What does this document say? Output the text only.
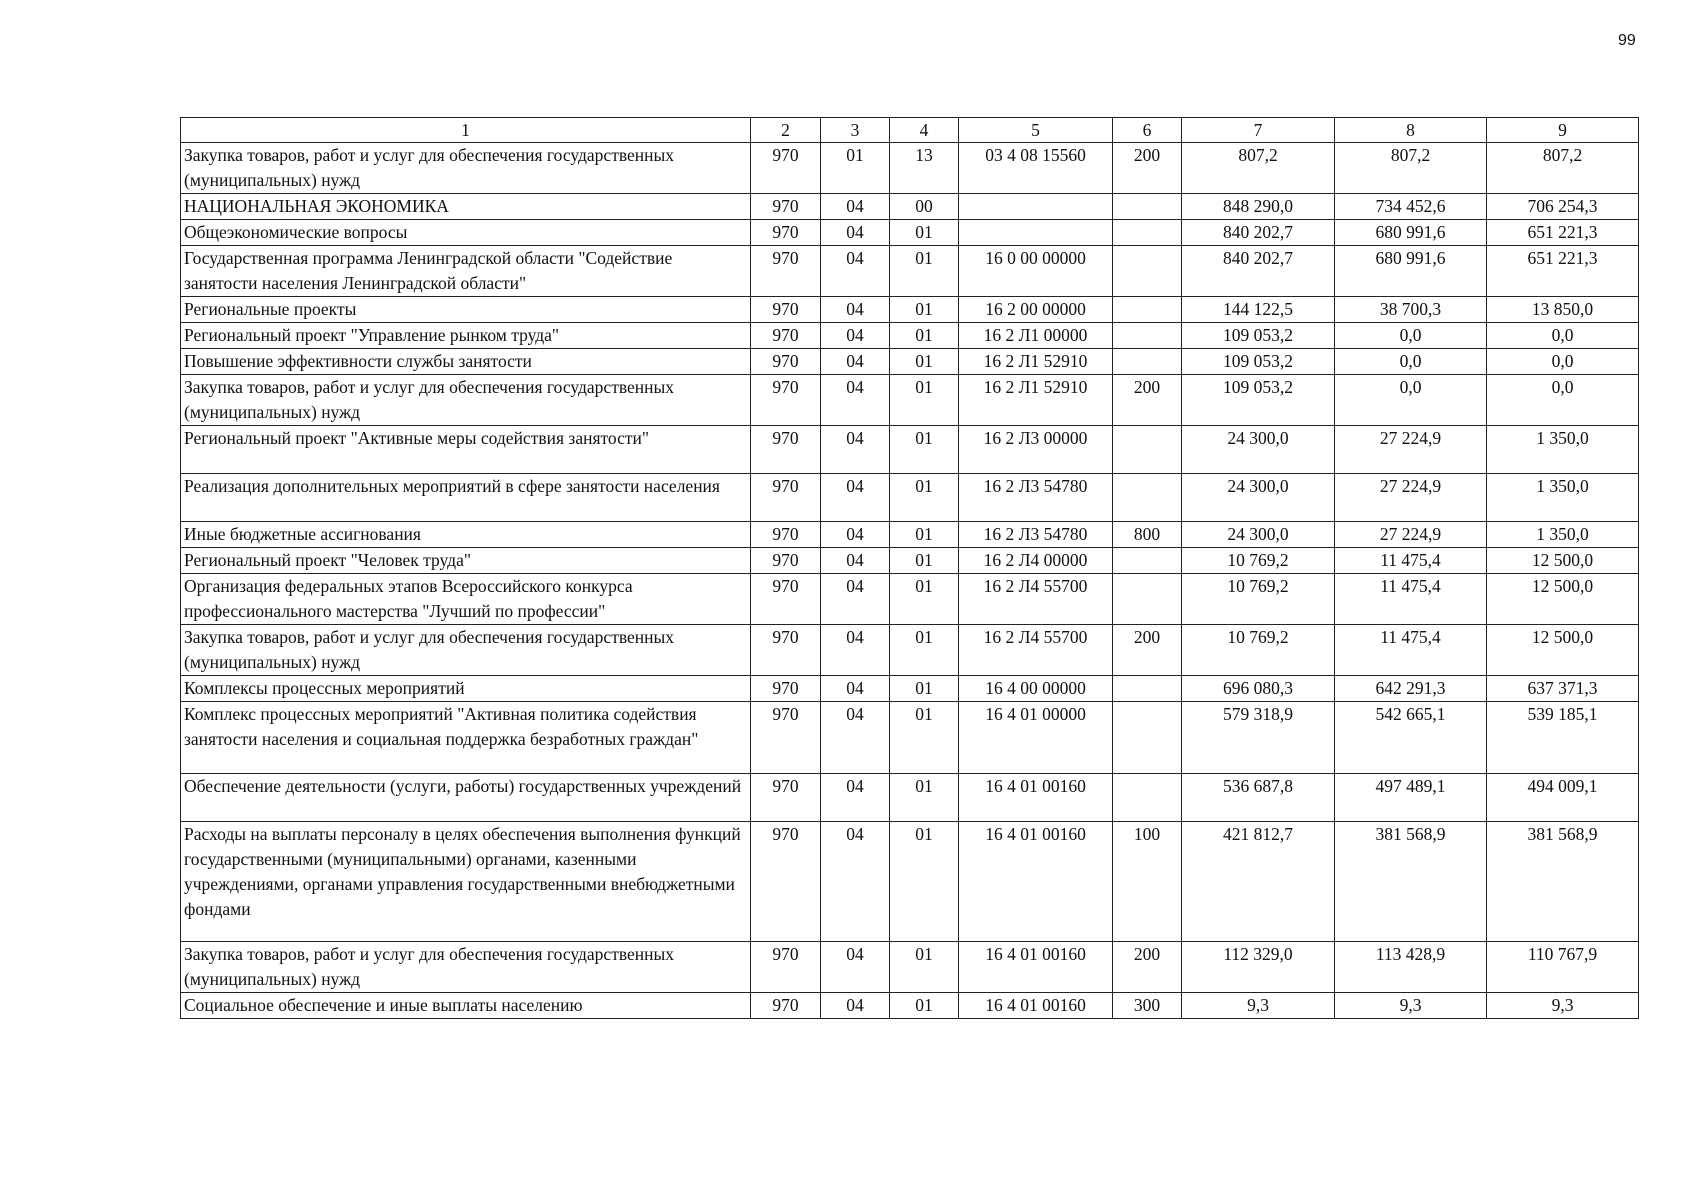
99
1	2	3	4	5	6	7	8	9
Закупка товаров, работ и услуг для обеспечения государственных (муниципальных) нужд	970	01	13	03 4 08 15560	200	807,2	807,2	807,2
НАЦИОНАЛЬНАЯ ЭКОНОМИКА	970	04	00			848 290,0	734 452,6	706 254,3
Общеэкономические вопросы	970	04	01			840 202,7	680 991,6	651 221,3
Государственная программа Ленинградской области "Содействие занятости населения Ленинградской области"	970	04	01	16 0 00 00000		840 202,7	680 991,6	651 221,3
Региональные проекты	970	04	01	16 2 00 00000		144 122,5	38 700,3	13 850,0
Региональный проект "Управление рынком труда"	970	04	01	16 2 Л1 00000		109 053,2	0,0	0,0
Повышение эффективности службы занятости	970	04	01	16 2 Л1 52910		109 053,2	0,0	0,0
Закупка товаров, работ и услуг для обеспечения государственных (муниципальных) нужд	970	04	01	16 2 Л1 52910	200	109 053,2	0,0	0,0
Региональный проект "Активные меры содействия занятости"	970	04	01	16 2 Л3 00000		24 300,0	27 224,9	1 350,0
Реализация дополнительных мероприятий в сфере занятости населения	970	04	01	16 2 Л3 54780		24 300,0	27 224,9	1 350,0
Иные бюджетные ассигнования	970	04	01	16 2 Л3 54780	800	24 300,0	27 224,9	1 350,0
Региональный проект "Человек труда"	970	04	01	16 2 Л4 00000		10 769,2	11 475,4	12 500,0
Организация федеральных этапов Всероссийского конкурса профессионального мастерства "Лучший по профессии"	970	04	01	16 2 Л4 55700		10 769,2	11 475,4	12 500,0
Закупка товаров, работ и услуг для обеспечения государственных (муниципальных) нужд	970	04	01	16 2 Л4 55700	200	10 769,2	11 475,4	12 500,0
Комплексы процессных мероприятий	970	04	01	16 4 00 00000		696 080,3	642 291,3	637 371,3
Комплекс процессных мероприятий "Активная политика содействия занятости населения и социальная поддержка безработных граждан"	970	04	01	16 4 01 00000		579 318,9	542 665,1	539 185,1
Обеспечение деятельности (услуги, работы) государственных учреждений	970	04	01	16 4 01 00160		536 687,8	497 489,1	494 009,1
Расходы на выплаты персоналу в целях обеспечения выполнения функций государственными (муниципальными) органами, казенными учреждениями, органами управления государственными внебюджетными фондами	970	04	01	16 4 01 00160	100	421 812,7	381 568,9	381 568,9
Закупка товаров, работ и услуг для обеспечения государственных (муниципальных) нужд	970	04	01	16 4 01 00160	200	112 329,0	113 428,9	110 767,9
Социальное обеспечение и иные выплаты населению	970	04	01	16 4 01 00160	300	9,3	9,3	9,3
